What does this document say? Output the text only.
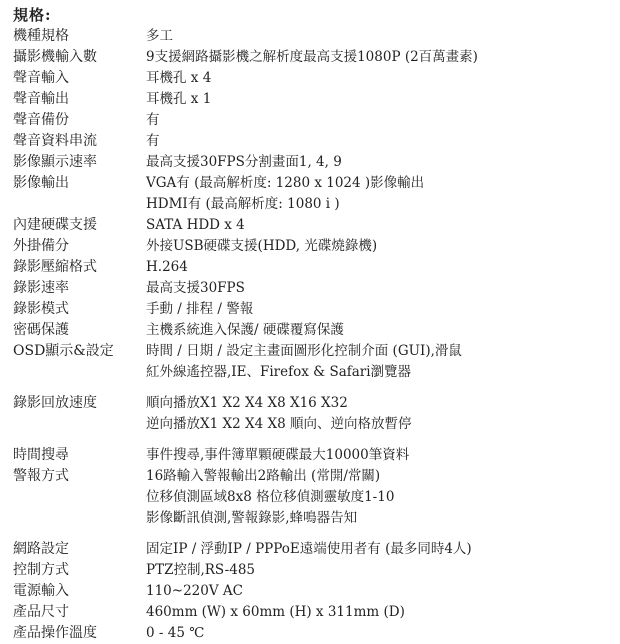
規格:
機種規格	多工
攝影機輸入數	9支援網路攝影機之解析度最高支援1080P (2百萬畫素)
聲音輸入	耳機孔 x 4
聲音輸出	耳機孔 x 1
聲音備份	有
聲音資料串流	有
影像顯示速率	最高支援30FPS分割畫面1, 4, 9
影像輸出	VGA有 (最高解析度: 1280 x 1024 )影像輸出
HDMI有 (最高解析度: 1080 i )
內建硬碟支援	SATA HDD x 4
外掛備分	外接USB硬碟支援(HDD, 光碟燒錄機)
錄影壓縮格式	H.264
錄影速率	最高支援30FPS
錄影模式	手動 / 排程 / 警報
密碼保護	主機系統進入保護/ 硬碟覆寫保護
OSD顯示&設定	時間 / 日期 / 設定主畫面圖形化控制介面 (GUI),滑鼠
紅外線遙控器,IE、Firefox & Safari瀏覽器
錄影回放速度	順向播放X1 X2 X4 X8 X16 X32
逆向播放X1 X2 X4 X8 順向、逆向格放暫停
時間搜尋	事件搜尋,事件簿單顆硬碟最大10000筆資料
警報方式	16路輸入警報輸出2路輸出 (常開/常關)
位移偵測區域8x8 格位移偵測靈敏度1-10
影像斷訊偵測,警報錄影,蜂鳴器告知
網路設定	固定IP / 浮動IP / PPPoE遠端使用者有 (最多同時4人)
控制方式	PTZ控制,RS-485
電源輸入	110~220V AC
產品尺寸	460mm (W) x 60mm (H) x 311mm (D)
產品操作溫度	0 - 45 ℃
